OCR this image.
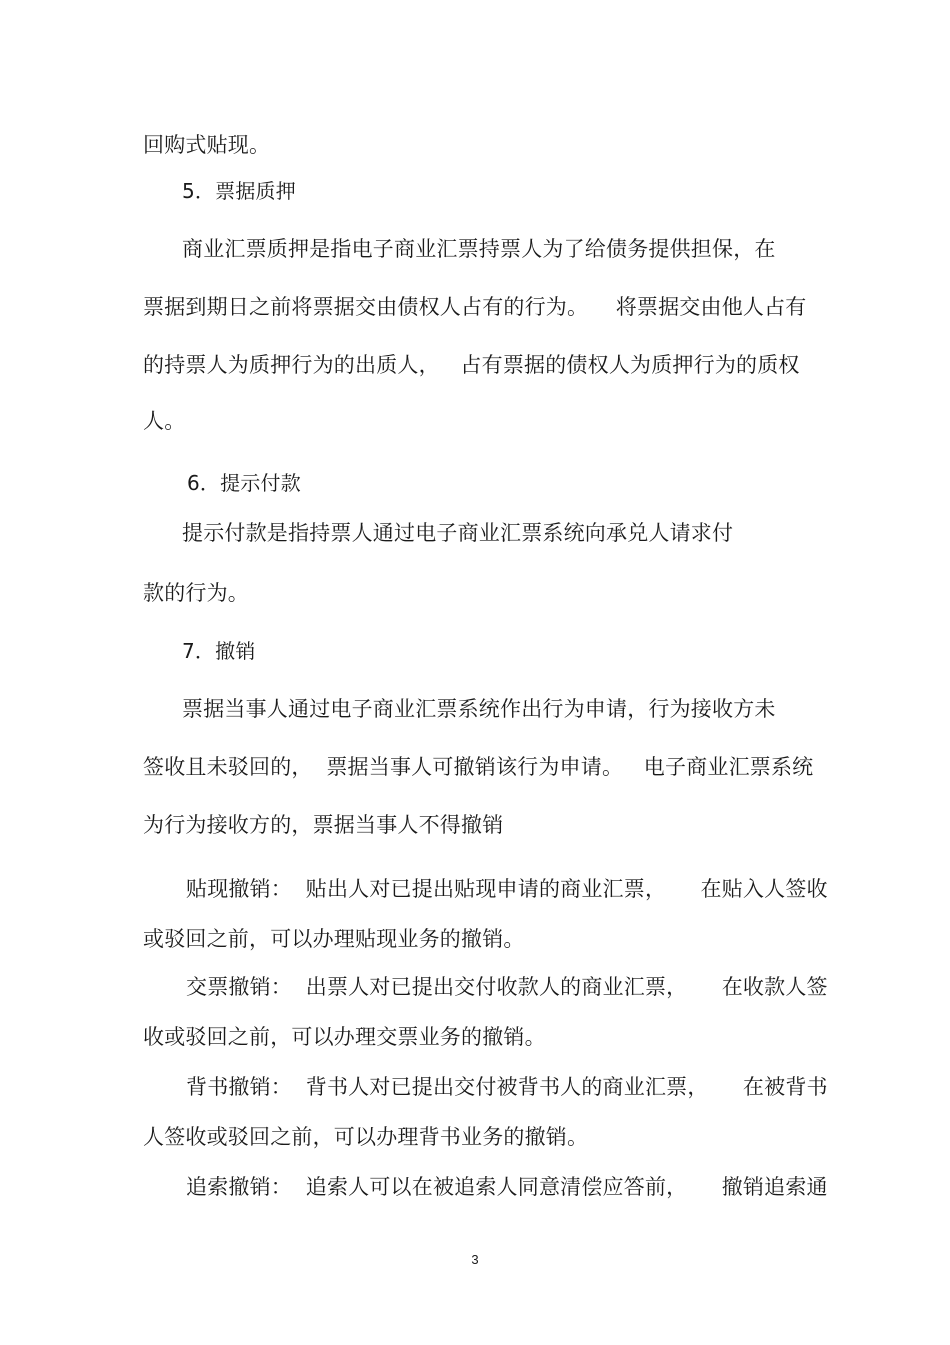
回购式贴现。
5．票据质押
商业汇票质押是指电子商业汇票持票人为了给债务提供担保，在
票据到期日之前将票据交由债权人占有的行为。    将票据交由他人占有
的持票人为质押行为的出质人，   占有票据的债权人为质押行为的质权
人。
6．提示付款
提示付款是指持票人通过电子商业汇票系统向承兑人请求付
款的行为。
7．撤销
票据当事人通过电子商业汇票系统作出行为申请，行为接收方未
签收且未驳回的，  票据当事人可撤销该行为申请。   电子商业汇票系统
为行为接收方的，票据当事人不得撤销
贴现撤销：  贴出人对已提出贴现申请的商业汇票，     在贴入人签收
或驳回之前，可以办理贴现业务的撤销。
交票撤销：  出票人对已提出交付收款人的商业汇票，     在收款人签
收或驳回之前，可以办理交票业务的撤销。
背书撤销：  背书人对已提出交付被背书人的商业汇票，     在被背书
人签收或驳回之前，可以办理背书业务的撤销。
追索撤销：  追索人可以在被追索人同意清偿应答前，     撤销追索通
3
